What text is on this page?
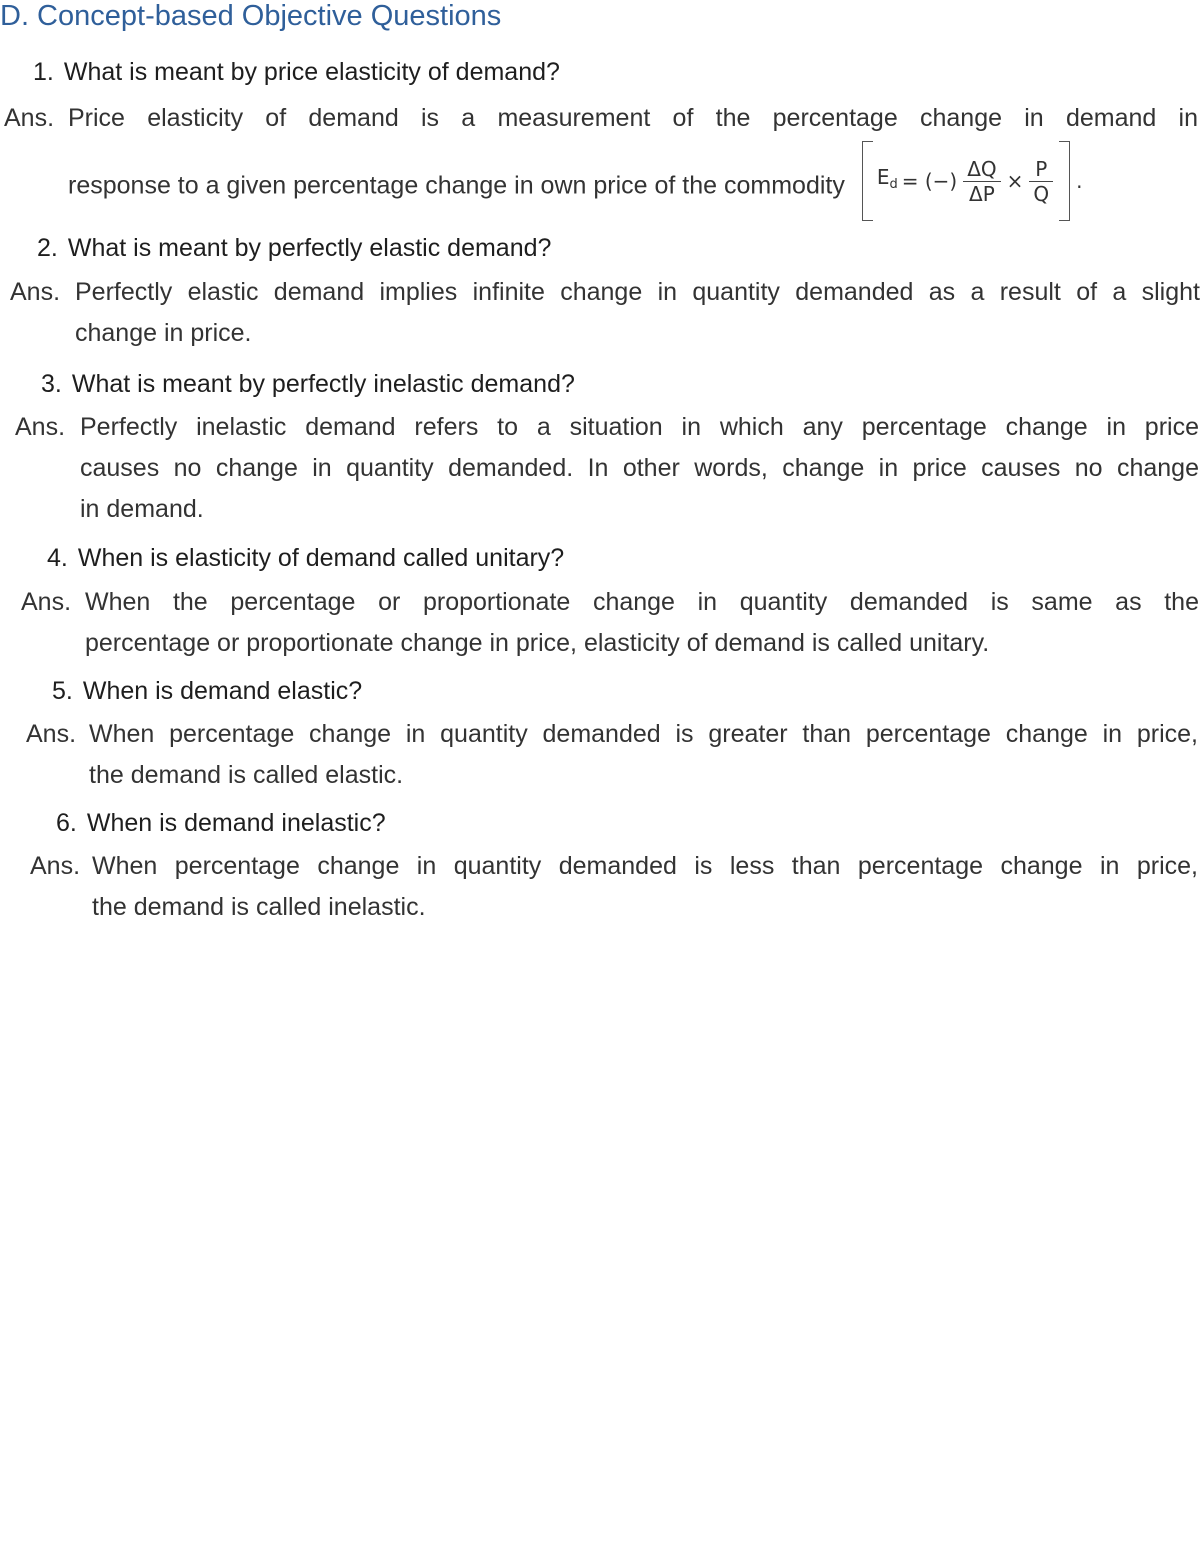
D. Concept-based Objective Questions
1. What is meant by price elasticity of demand?
Ans. Price elasticity of demand is a measurement of the percentage change in demand in
response to a given percentage change in own price of the commodity $E_d$ = (−) $\frac{\Delta Q}{\Delta P} \times \frac{P}{Q}$ .
2. What is meant by perfectly elastic demand?
Ans. Perfectly elastic demand implies infinite change in quantity demanded as a result of a slight
change in price.
3. What is meant by perfectly inelastic demand?
Ans. Perfectly inelastic demand refers to a situation in which any percentage change in price
causes no change in quantity demanded. In other words, change in price causes no change
in demand.
4. When is elasticity of demand called unitary?
Ans. When the percentage or proportionate change in quantity demanded is same as the
percentage or proportionate change in price, elasticity of demand is called unitary.
5. When is demand elastic?
Ans. When percentage change in quantity demanded is greater than percentage change in price,
the demand is called elastic.
6. When is demand inelastic?
Ans. When percentage change in quantity demanded is less than percentage change in price,
the demand is called inelastic.
